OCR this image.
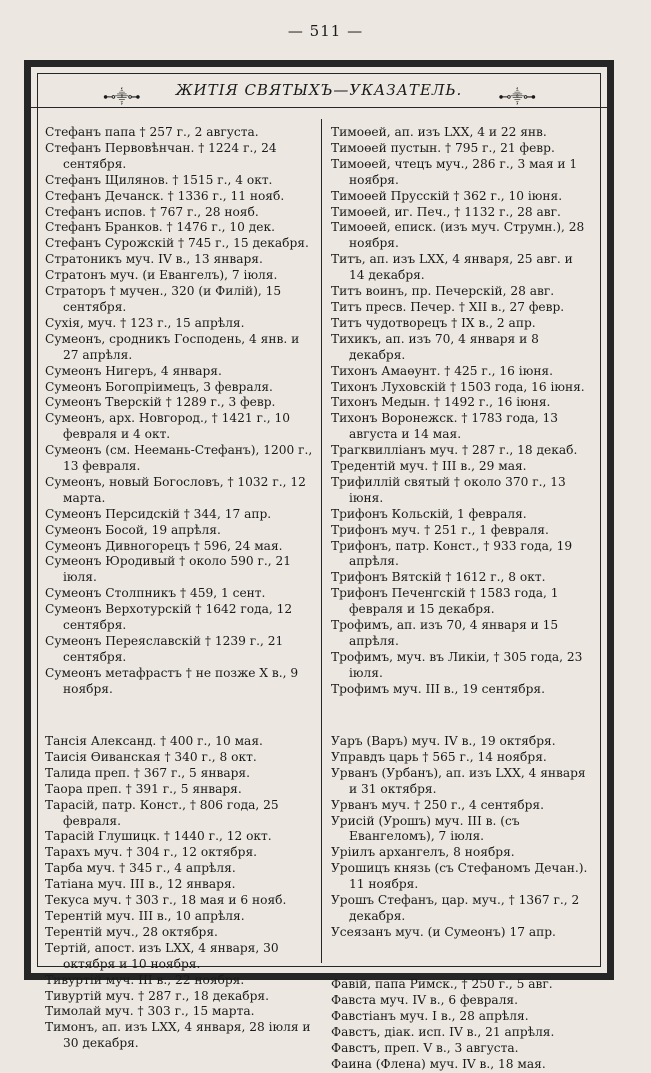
— 511 —
⊷⸎⊶ ЖИТІЯ СВЯТЫХЪ—УКАЗАТЕЛЬ.	⊷⸎⊶

Стефанъ папа † 257 г., 2 августа.

Стефанъ Первовѣнчан. † 1224 г., 24 сентября.

Стефанъ Щилянов. † 1515 г., 4 окт.

Стефанъ Дечанск. † 1336 г., 11 нояб.

Стефанъ испов. † 767 г., 28 нояб.

Стефанъ Бранков. † 1476 г., 10 дек.

Стефанъ Сурожскій † 745 г., 15 декабря.

Стратоникъ муч. IV в., 13 января.

Стратонъ муч. (и Евангелъ), 7 іюля.

Страторъ † мучен., 320 (и Филій), 15 сентября.

Сухія, муч. † 123 г., 15 апрѣля.

Сумеонъ, сродникъ Господень, 4 янв. и 27 апрѣля.

Сумеонъ Нигеръ, 4 января.

Сумеонъ Богопріимецъ, 3 февраля.

Сумеонъ Тверскій † 1289 г., 3 февр.

Сумеонъ, арх. Новгород., † 1421 г., 10 февраля и 4 окт.

Сумеонъ (см. Неемань-Стефанъ), 1200 г., 13 февраля.

Сумеонъ, новый Богословъ, † 1032 г., 12 марта.

Сумеонъ Персидскій † 344, 17 апр.

Сумеонъ Босой, 19 апрѣля.

Сумеонъ Дивногорецъ † 596, 24 мая.

Сумеонъ Юродивый † около 590 г., 21 іюля.

Сумеонъ Столпникъ † 459, 1 сент.

Сумеонъ Верхотурскій † 1642 года, 12 сентября.

Сумеонъ Переяславскій † 1239 г., 21 сентября.

Сумеонъ метафрастъ † не позже X в., 9 ноября.

Тансія Александ. † 400 г., 10 мая.

Таисія Өиванская † 340 г., 8 окт.

Талида преп. † 367 г., 5 января.

Таора преп. † 391 г., 5 января.

Тарасій, патр. Конст., † 806 года, 25 февраля.

Тарасій Глушицк. † 1440 г., 12 окт.

Тарахъ муч. † 304 г., 12 октября.

Тарба муч. † 345 г., 4 апрѣля.

Татіана муч. III в., 12 января.

Текуса муч. † 303 г., 18 мая и 6 нояб.

Терентій муч. III в., 10 апрѣля.

Терентій муч., 28 октября.

Тертій, апост. изъ LXX, 4 января, 30 октября и 10 ноября.

Тивуртій муч. III в., 22 ноября.

Тивуртій муч. † 287 г., 18 декабря.

Тимолай муч. † 303 г., 15 марта.

Тимонъ, ап. изъ LXX, 4 января, 28 іюля и 30 декабря.

Тимоөей, ап. изъ LXX, 4 и 22 янв.

Тимоөей пустын. † 795 г., 21 февр.

Тимоөей, чтецъ муч., 286 г., 3 мая и 1 ноября.

Тимоөей Прусскій † 362 г., 10 іюня.

Тимоөей, иг. Печ., † 1132 г., 28 авг.

Тимоөей, еписк. (изъ муч. Струмн.), 28 ноября.

Титъ, ап. изъ LXX, 4 января, 25 авг. и 14 декабря.

Титъ воинъ, пр. Печерскій, 28 авг.

Титъ пресв. Печер. † XII в., 27 февр.

Титъ чудотворецъ † IX в., 2 апр.

Тихикъ, ап. изъ 70, 4 января и 8 декабря.

Тихонъ Амаөунт. † 425 г., 16 іюня.

Тихонъ Луховскій † 1503 года, 16 іюня.

Тихонъ Медын. † 1492 г., 16 іюня.

Тихонъ Воронежск. † 1783 года, 13 августа и 14 мая.

Трагквилліанъ муч. † 287 г., 18 декаб.

Тредентій муч. † III в., 29 мая.

Трифиллій святый † около 370 г., 13 іюня.

Трифонъ Кольскій, 1 февраля.

Трифонъ муч. † 251 г., 1 февраля.

Трифонъ, патр. Конст., † 933 года, 19 апрѣля.

Трифонъ Вятскій † 1612 г., 8 окт.

Трифонъ Печенгскій † 1583 года, 1 февраля и 15 декабря.

Трофимъ, ап. изъ 70, 4 января и 15 апрѣля.

Трофимъ, муч. въ Ликіи, † 305 года, 23 іюля.

Трофимъ муч. III в., 19 сентября.

Уаръ (Варъ) муч. IV в., 19 октября.

Управдъ царь † 565 г., 14 ноября.

Урванъ (Урбанъ), ап. изъ LXX, 4 января и 31 октября.

Урванъ муч. † 250 г., 4 сентября.

Урисій (Урошъ) муч. III в. (съ Евангеломъ), 7 іюля.

Уріилъ архангелъ, 8 ноября.

Урошицъ князь (съ Стефаномъ Дечан.). 11 ноября.

Урошъ Стефанъ, цар. муч., † 1367 г., 2 декабря.

Усеязанъ муч. (и Сумеонъ) 17 апр.

Фавій, папа Римск., † 250 г., 5 авг.

Фавста муч. IV в., 6 февраля.

Фавстіанъ муч. I в., 28 апрѣля.

Фавстъ, діак. исп. IV в., 21 апрѣля.

Фавстъ, преп. V в., 3 августа.

Фаина (Флена) муч. IV в., 18 мая.
